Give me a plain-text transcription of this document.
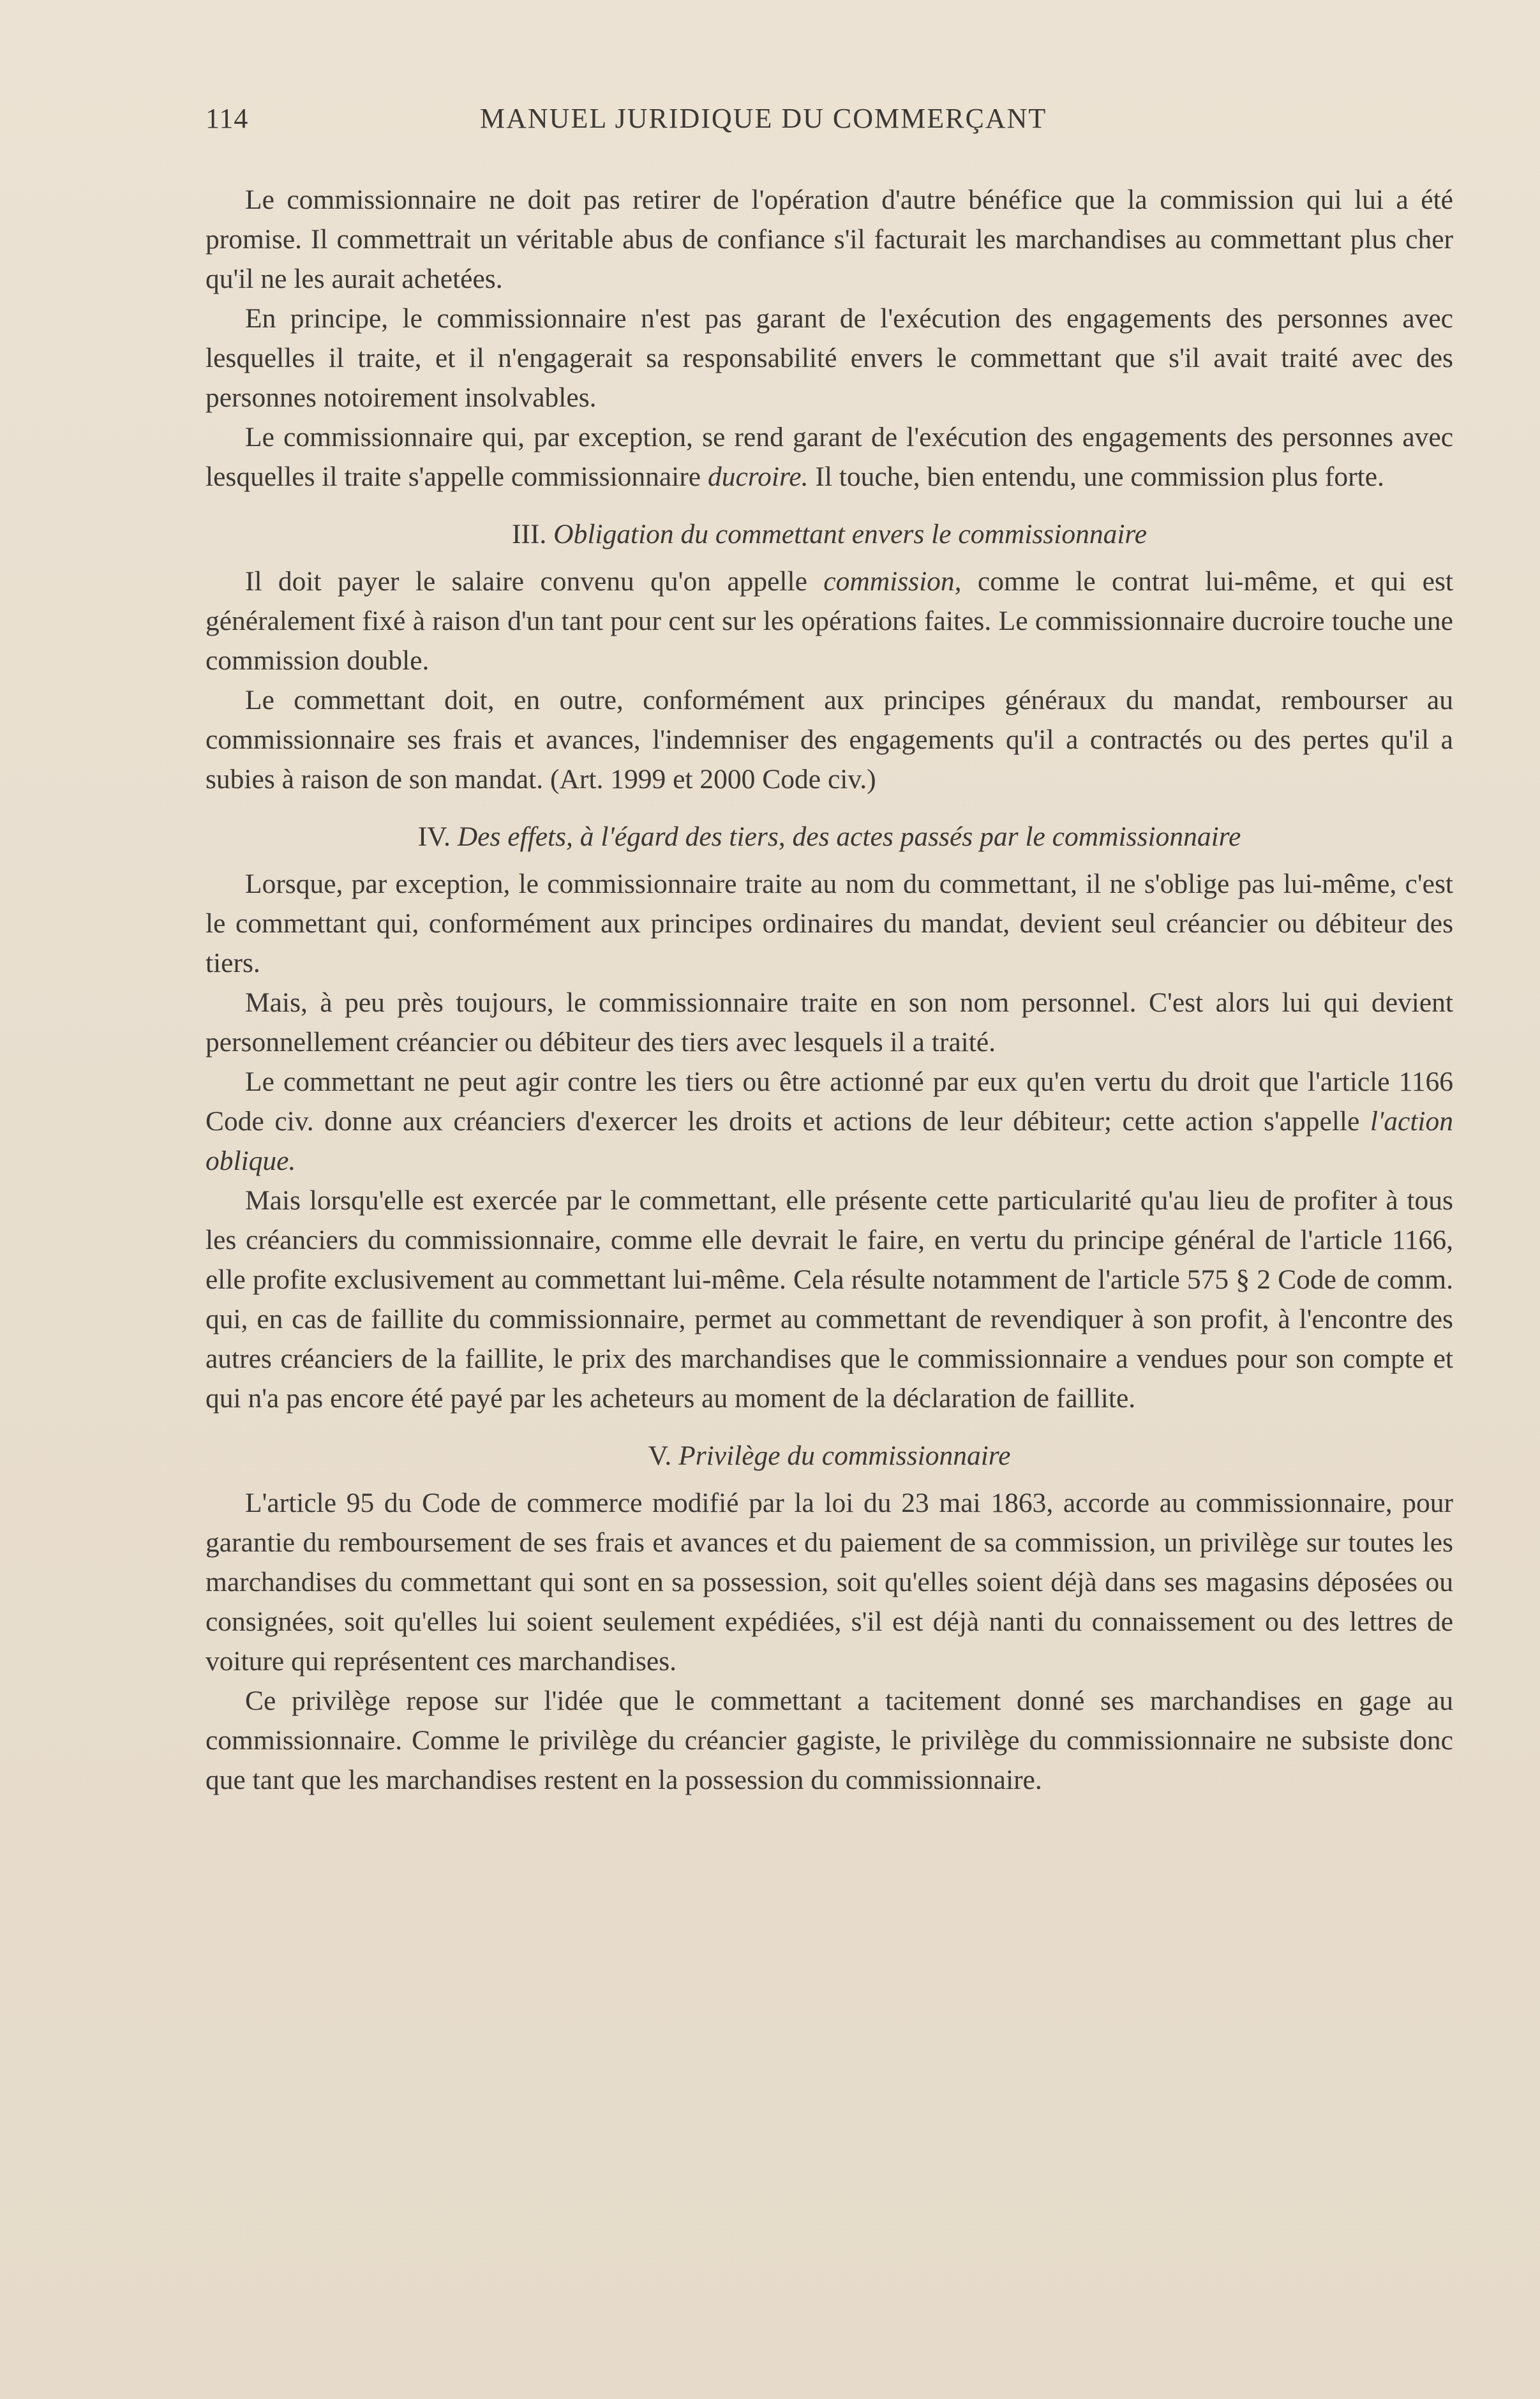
114	MANUEL JURIDIQUE DU COMMERÇANT

Le commissionnaire ne doit pas retirer de l'opération d'autre bénéfice que la commission qui lui a été promise. Il commettrait un véritable abus de confiance s'il facturait les marchandises au commettant plus cher qu'il ne les aurait achetées.

En principe, le commissionnaire n'est pas garant de l'exécution des engagements des personnes avec lesquelles il traite, et il n'engagerait sa responsabilité envers le commettant que s'il avait traité avec des personnes notoirement insolvables.

Le commissionnaire qui, par exception, se rend garant de l'exécution des engagements des personnes avec lesquelles il traite s'appelle commissionnaire ducroire. Il touche, bien entendu, une commission plus forte.

III. Obligation du commettant envers le commissionnaire

Il doit payer le salaire convenu qu'on appelle commission, comme le contrat lui-même, et qui est généralement fixé à raison d'un tant pour cent sur les opérations faites. Le commissionnaire ducroire touche une commission double.

Le commettant doit, en outre, conformément aux principes généraux du mandat, rembourser au commissionnaire ses frais et avances, l'indemniser des engagements qu'il a contractés ou des pertes qu'il a subies à raison de son mandat. (Art. 1999 et 2000 Code civ.)

IV. Des effets, à l'égard des tiers, des actes passés par le commissionnaire

Lorsque, par exception, le commissionnaire traite au nom du commettant, il ne s'oblige pas lui-même, c'est le commettant qui, conformément aux principes ordinaires du mandat, devient seul créancier ou débiteur des tiers.

Mais, à peu près toujours, le commissionnaire traite en son nom personnel. C'est alors lui qui devient personnellement créancier ou débiteur des tiers avec lesquels il a traité.

Le commettant ne peut agir contre les tiers ou être actionné par eux qu'en vertu du droit que l'article 1166 Code civ. donne aux créanciers d'exercer les droits et actions de leur débiteur; cette action s'appelle l'action oblique.

Mais lorsqu'elle est exercée par le commettant, elle présente cette particularité qu'au lieu de profiter à tous les créanciers du commissionnaire, comme elle devrait le faire, en vertu du principe général de l'article 1166, elle profite exclusivement au commettant lui-même. Cela résulte notamment de l'article 575 § 2 Code de comm. qui, en cas de faillite du commissionnaire, permet au commettant de revendiquer à son profit, à l'encontre des autres créanciers de la faillite, le prix des marchandises que le commissionnaire a vendues pour son compte et qui n'a pas encore été payé par les acheteurs au moment de la déclaration de faillite.

V. Privilège du commissionnaire

L'article 95 du Code de commerce modifié par la loi du 23 mai 1863, accorde au commissionnaire, pour garantie du remboursement de ses frais et avances et du paiement de sa commission, un privilège sur toutes les marchandises du commettant qui sont en sa possession, soit qu'elles soient déjà dans ses magasins déposées ou consignées, soit qu'elles lui soient seulement expédiées, s'il est déjà nanti du connaissement ou des lettres de voiture qui représentent ces marchandises.

Ce privilège repose sur l'idée que le commettant a tacitement donné ses marchandises en gage au commissionnaire. Comme le privilège du créancier gagiste, le privilège du commissionnaire ne subsiste donc que tant que les marchandises restent en la possession du commissionnaire.
